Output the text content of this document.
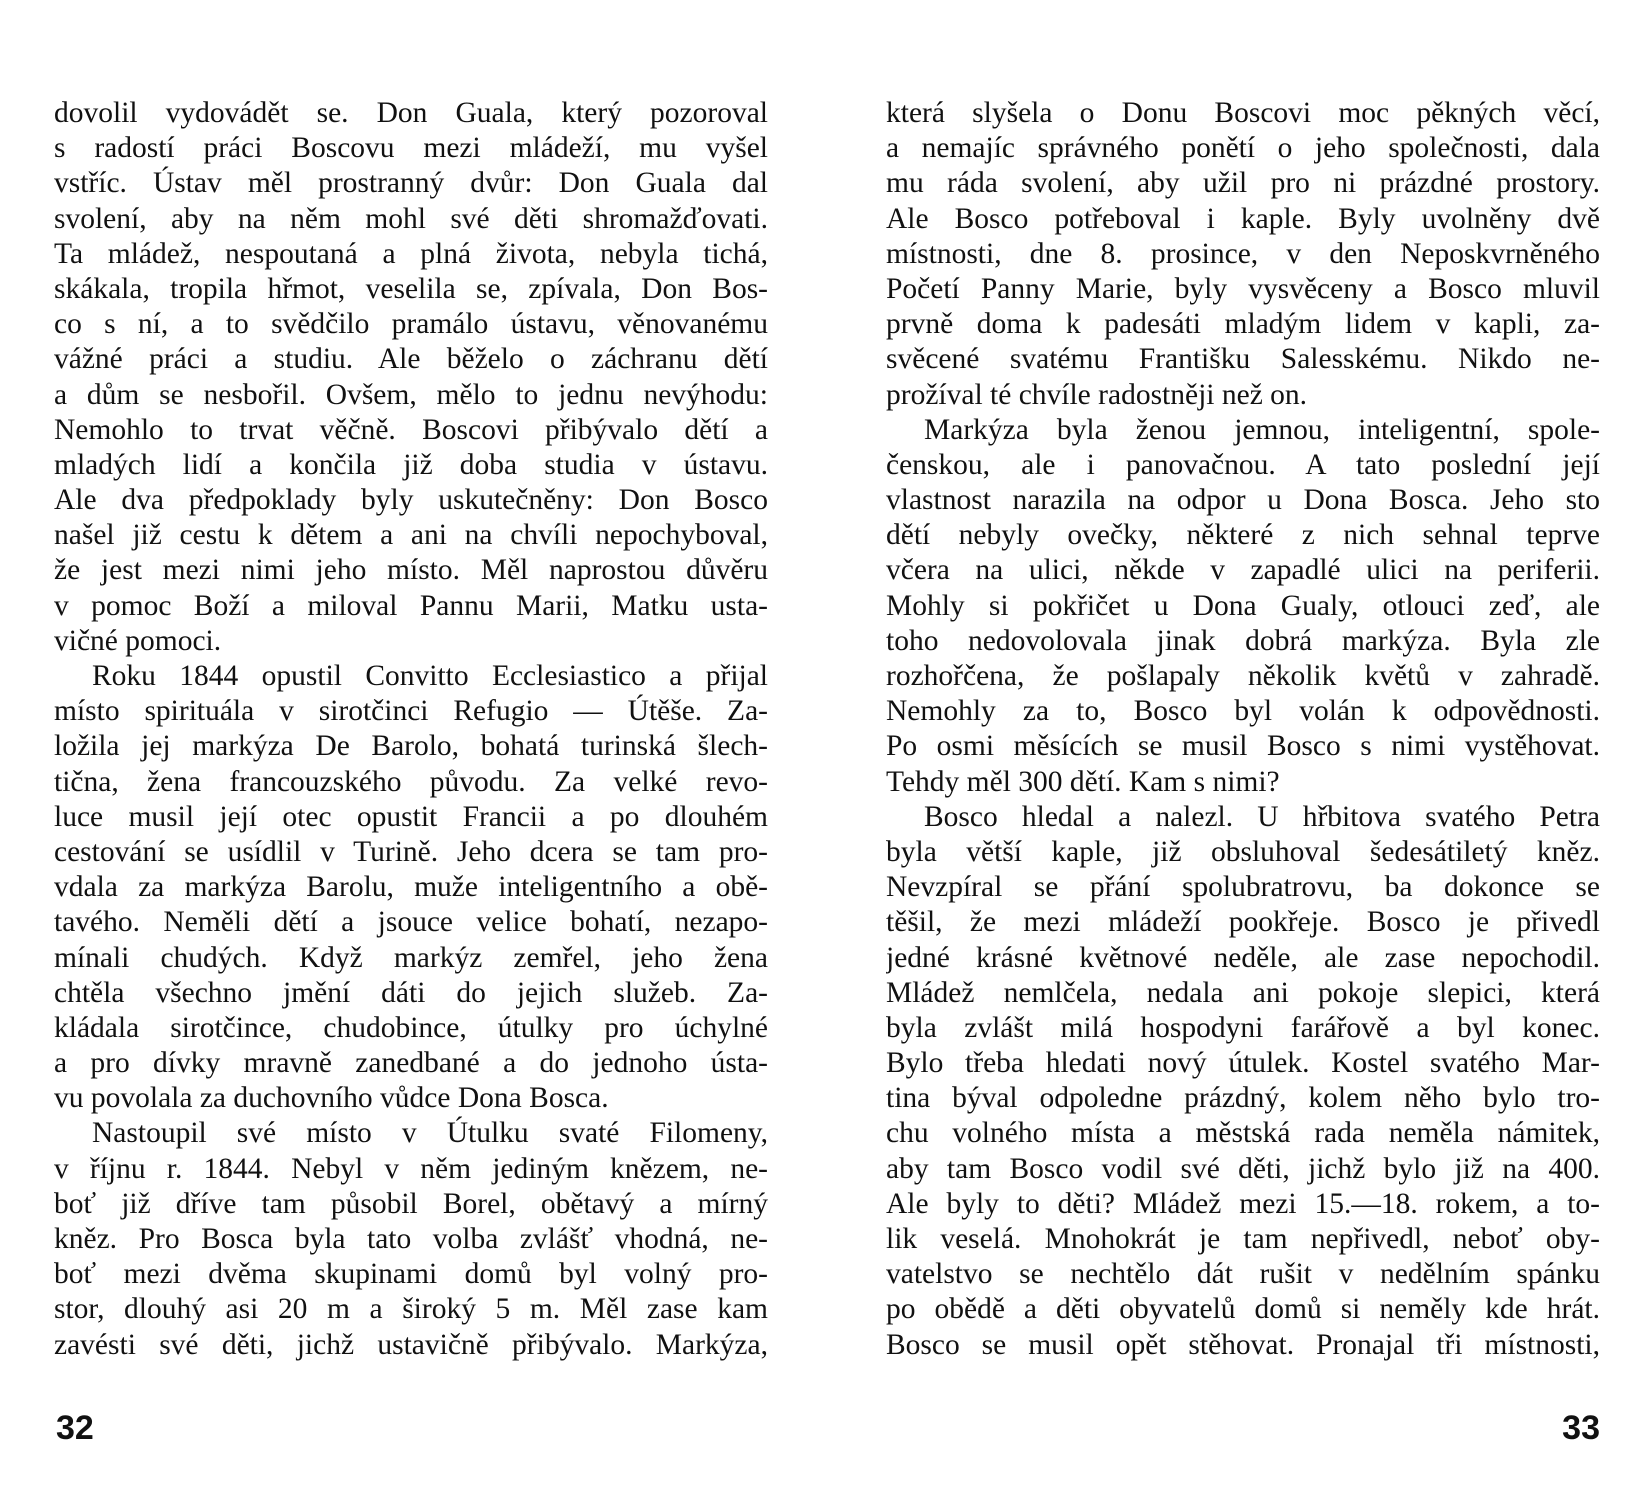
dovolil vydovádět se. Don Guala, který pozoroval
s radostí práci Boscovu mezi mládeží, mu vyšel
vstříc. Ústav měl prostranný dvůr: Don Guala dal
svolení, aby na něm mohl své děti shromažďovati.
Ta mládež, nespoutaná a plná života, nebyla tichá,
skákala, tropila hřmot, veselila se, zpívala, Don Bos-
co s ní, a to svědčilo pramálo ústavu, věnovanému
vážné práci a studiu. Ale běželo o záchranu dětí
a dům se nesbořil. Ovšem, mělo to jednu nevýhodu:
Nemohlo to trvat věčně. Boscovi přibývalo dětí a
mladých lidí a končila již doba studia v ústavu.
Ale dva předpoklady byly uskutečněny: Don Bosco
našel již cestu k dětem a ani na chvíli nepochyboval,
že jest mezi nimi jeho místo. Měl naprostou důvěru
v pomoc Boží a miloval Pannu Marii, Matku usta-
vičné pomoci.
Roku 1844 opustil Convitto Ecclesiastico a přijal
místo spirituála v sirotčinci Refugio — Útěše. Za-
ložila jej markýza De Barolo, bohatá turinská šlech-
tična, žena francouzského původu. Za velké revo-
luce musil její otec opustit Francii a po dlouhém
cestování se usídlil v Turině. Jeho dcera se tam pro-
vdala za markýza Barolu, muže inteligentního a obě-
tavého. Neměli dětí a jsouce velice bohatí, nezapo-
mínali chudých. Když markýz zemřel, jeho žena
chtěla všechno jmění dáti do jejich služeb. Za-
kládala sirotčince, chudobince, útulky pro úchylné
a pro dívky mravně zanedbané a do jednoho ústa-
vu povolala za duchovního vůdce Dona Bosca.
Nastoupil své místo v Útulku svaté Filomeny,
v říjnu r. 1844. Nebyl v něm jediným knězem, ne-
boť již dříve tam působil Borel, obětavý a mírný
kněz. Pro Bosca byla tato volba zvlášť vhodná, ne-
boť mezi dvěma skupinami domů byl volný pro-
stor, dlouhý asi 20 m a široký 5 m. Měl zase kam
zavésti své děti, jichž ustavičně přibývalo. Markýza,
která slyšela o Donu Boscovi moc pěkných věcí,
a nemajíc správného ponětí o jeho společnosti, dala
mu ráda svolení, aby užil pro ni prázdné prostory.
Ale Bosco potřeboval i kaple. Byly uvolněny dvě
místnosti, dne 8. prosince, v den Neposkvrněného
Početí Panny Marie, byly vysvěceny a Bosco mluvil
prvně doma k padesáti mladým lidem v kapli, za-
svěcené svatému Františku Salesskému. Nikdo ne-
prožíval té chvíle radostněji než on.
Markýza byla ženou jemnou, inteligentní, spole-
čenskou, ale i panovačnou. A tato poslední její
vlastnost narazila na odpor u Dona Bosca. Jeho sto
dětí nebyly ovečky, některé z nich sehnal teprve
včera na ulici, někde v zapadlé ulici na periferii.
Mohly si pokřičet u Dona Gualy, otlouci zeď, ale
toho nedovolovala jinak dobrá markýza. Byla zle
rozhořčena, že pošlapaly několik květů v zahradě.
Nemohly za to, Bosco byl volán k odpovědnosti.
Po osmi měsících se musil Bosco s nimi vystěhovat.
Tehdy měl 300 dětí. Kam s nimi?
Bosco hledal a nalezl. U hřbitova svatého Petra
byla větší kaple, již obsluhoval šedesátiletý kněz.
Nevzpíral se přání spolubratrovu, ba dokonce se
těšil, že mezi mládeží pookřeje. Bosco je přivedl
jedné krásné květnové neděle, ale zase nepochodil.
Mládež nemlčela, nedala ani pokoje slepici, která
byla zvlášt milá hospodyni farářově a byl konec.
Bylo třeba hledati nový útulek. Kostel svatého Mar-
tina býval odpoledne prázdný, kolem něho bylo tro-
chu volného místa a městská rada neměla námitek,
aby tam Bosco vodil své děti, jichž bylo již na 400.
Ale byly to děti? Mládež mezi 15.—18. rokem, a to-
lik veselá. Mnohokrát je tam nepřivedl, neboť oby-
vatelstvo se nechtělo dát rušit v nedělním spánku
po obědě a děti obyvatelů domů si neměly kde hrát.
Bosco se musil opět stěhovat. Pronajal tři místnosti,
32	33
